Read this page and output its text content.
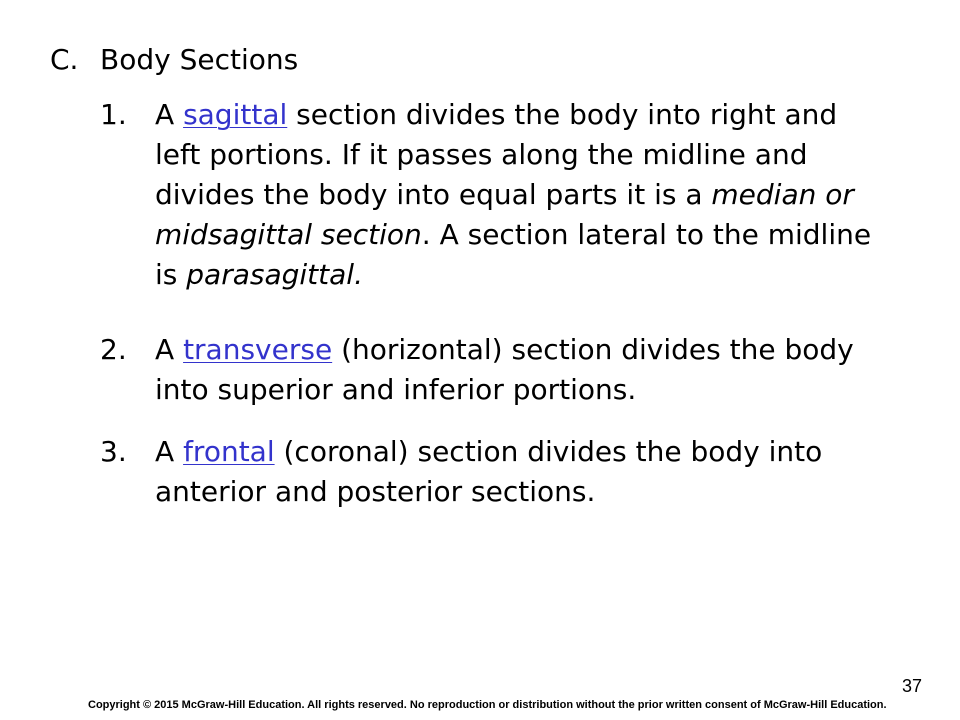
C. Body Sections
1.	A sagittal section divides the body into right and left portions. If it passes along the midline and divides the body into equal parts it is a median or midsagittal section. A section lateral to the midline is parasagittal.
2.	A transverse (horizontal) section divides the body into superior and inferior portions.
3.	A frontal (coronal) section divides the body into anterior and posterior sections.
37
Copyright © 2015 McGraw-Hill Education. All rights reserved. No reproduction or distribution without the prior written consent of McGraw-Hill Education.
